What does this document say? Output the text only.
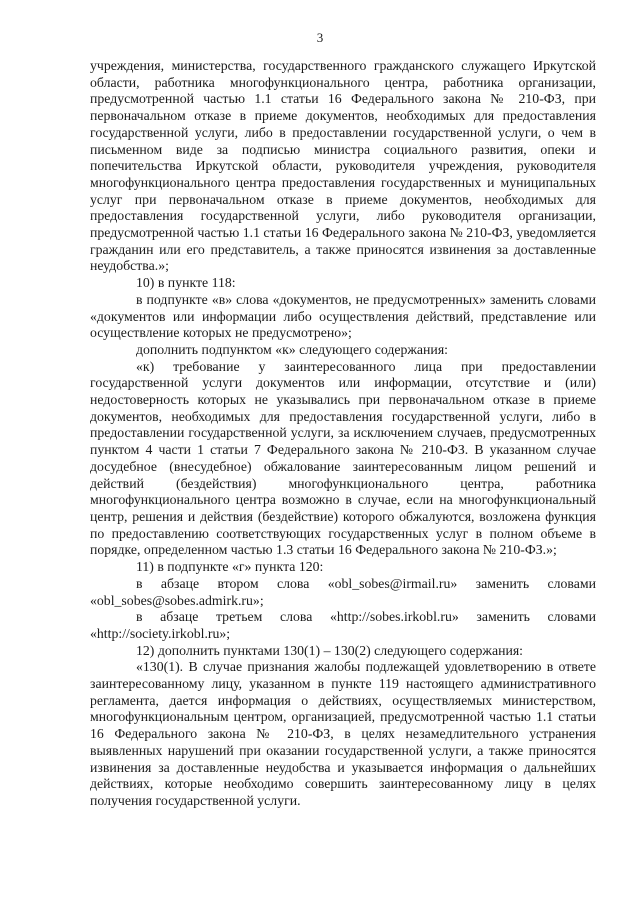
3

учреждения, министерства, государственного гражданского служащего Иркутской области, работника многофункционального центра, работника организации, предусмотренной частью 1.1 статьи 16 Федерального закона № 210-ФЗ, при первоначальном отказе в приеме документов, необходимых для предоставления государственной услуги, либо в предоставлении государственной услуги, о чем в письменном виде за подписью министра социального развития, опеки и попечительства Иркутской области, руководителя учреждения, руководителя многофункционального центра предоставления государственных и муниципальных услуг при первоначальном отказе в приеме документов, необходимых для предоставления государственной услуги, либо руководителя организации, предусмотренной частью 1.1 статьи 16 Федерального закона № 210-ФЗ, уведомляется гражданин или его представитель, а также приносятся извинения за доставленные неудобства.»;

10) в пункте 118:

в подпункте «в» слова «документов, не предусмотренных» заменить словами «документов или информации либо осуществления действий, представление или осуществление которых не предусмотрено»;

дополнить подпунктом «к» следующего содержания:

«к) требование у заинтересованного лица при предоставлении государственной услуги документов или информации, отсутствие и (или) недостоверность которых не указывались при первоначальном отказе в приеме документов, необходимых для предоставления государственной услуги, либо в предоставлении государственной услуги, за исключением случаев, предусмотренных пунктом 4 части 1 статьи 7 Федерального закона № 210-ФЗ. В указанном случае досудебное (внесудебное) обжалование заинтересованным лицом решений и действий (бездействия) многофункционального центра, работника многофункционального центра возможно в случае, если на многофункциональный центр, решения и действия (бездействие) которого обжалуются, возложена функция по предоставлению соответствующих государственных услуг в полном объеме в порядке, определенном частью 1.3 статьи 16 Федерального закона № 210-ФЗ.»;

11) в подпункте «г» пункта 120:

в абзаце втором слова «obl_sobes@irmail.ru» заменить словами «obl_sobes@sobes.admirk.ru»;

в абзаце третьем слова «http://sobes.irkobl.ru» заменить словами «http://society.irkobl.ru»;

12) дополнить пунктами 130(1) – 130(2) следующего содержания:

«130(1). В случае признания жалобы подлежащей удовлетворению в ответе заинтересованному лицу, указанном в пункте 119 настоящего административного регламента, дается информация о действиях, осуществляемых министерством, многофункциональным центром, организацией, предусмотренной частью 1.1 статьи 16 Федерального закона № 210-ФЗ, в целях незамедлительного устранения выявленных нарушений при оказании государственной услуги, а также приносятся извинения за доставленные неудобства и указывается информация о дальнейших действиях, которые необходимо совершить заинтересованному лицу в целях получения государственной услуги.
